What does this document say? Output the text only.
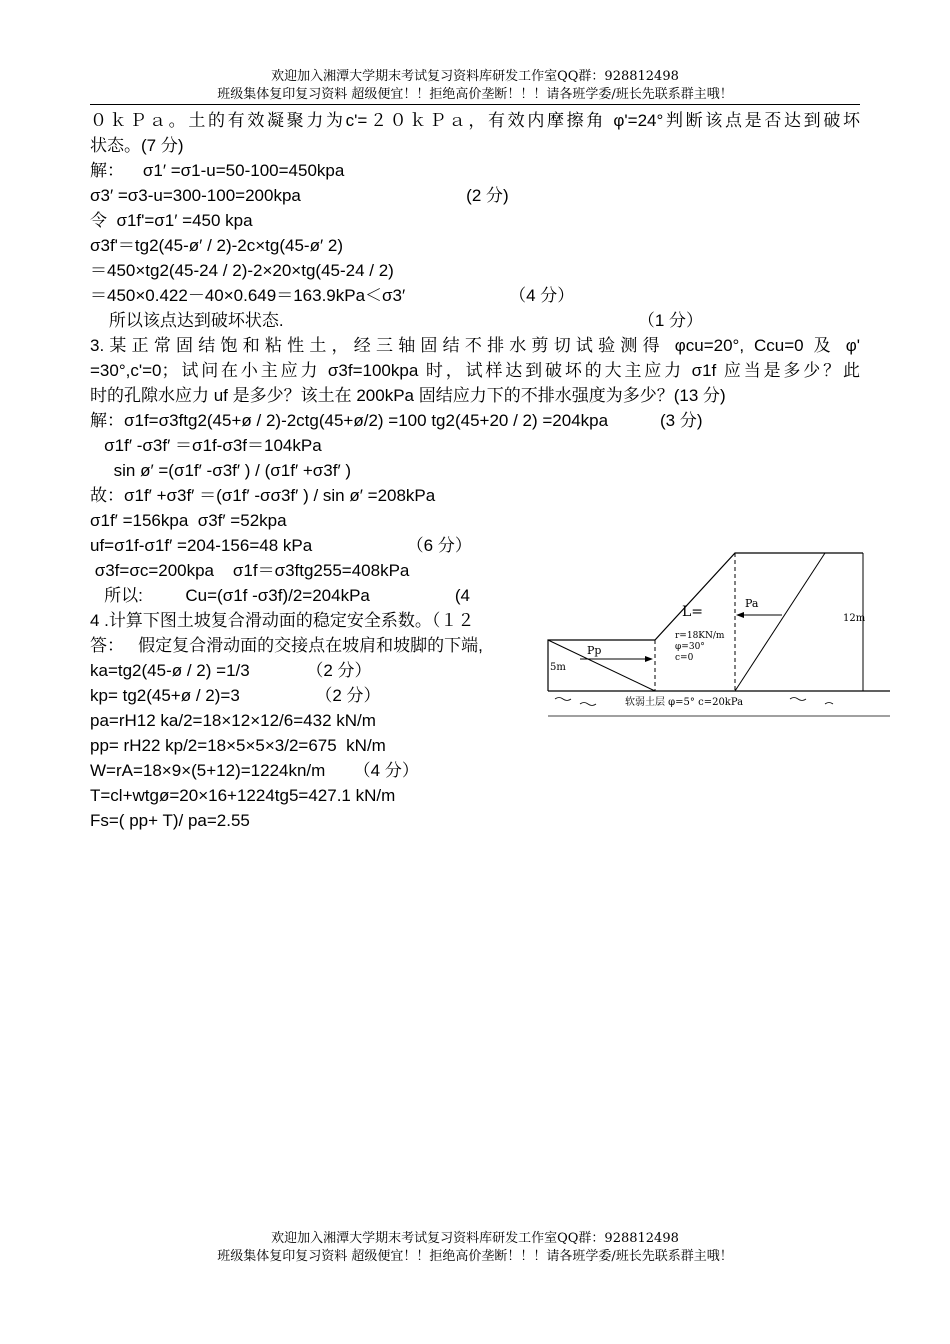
欢迎加入湘潭大学期末考试复习资料库研发工作室QQ群：928812498
班级集体复印复习资料 超级便宜！！拒绝高价垄断！！！请各班学委/班长先联系群主哦！
０ｋＰａ。土的有效凝聚力为c'=２０ｋＰａ，有效内摩擦角 φ'=24°判断该点是否达到破坏
状态。(7 分)
解：    σ1′ =σ1-u=50-100=450kpa
σ3′ =σ3-u=300-100=200kpa                                   (2 分)
令  σ1f'=σ1′ =450 kpa
σ3f'＝tg2(45-ø′ / 2)-2c×tg(45-ø′ 2)
＝450×tg2(45-24 / 2)-2×20×tg(45-24 / 2)
＝450×0.422－40×0.649＝163.9kPa＜σ3′                      （4 分）
所以该点达到破坏状态.                                                                           （1 分）
3.某正常固结饱和粘性土，经三轴固结不排水剪切试验测得 φcu=20°, Ccu=0 及 φ'
=30°,c'=0；试问在小主应力 σ3f=100kpa 时，试样达到破坏的大主应力 σ1f 应当是多少？此
时的孔隙水应力 uf 是多少？该土在 200kPa 固结应力下的不排水强度为多少？(13 分)
解：σ1f=σ3ftg2(45+ø / 2)-2ctg(45+ø/2) =100 tg2(45+20 / 2) =204kpa           (3 分)
σ1f′ -σ3f′ ＝σ1f-σ3f＝104kPa
sin ø′ =(σ1f′ -σ3f′ ) / (σ1f′ +σ3f′ )
故：σ1f′ +σ3f′ ＝(σ1f′ -σσ3f′ ) / sin ø′ =208kPa
σ1f′ =156kpa  σ3f′ =52kpa
uf=σ1f-σ1f′ =204-156=48 kPa                    （6 分）
σ3f=σc=200kpa    σ1f＝σ3ftg255=408kPa
所以:         Cu=(σ1f -σ3f)/2=204kPa                  (4
4 .计算下图土坡复合滑动面的稳定安全系数。（１２
答：   假定复合滑动面的交接点在坡肩和坡脚的下端,
ka=tg2(45-ø / 2) =1/3            （2 分）
kp= tg2(45+ø / 2)=3                （2 分）
pa=rH12 ka/2=18×12×12/6=432 kN/m
pp= rH22 kp/2=18×5×5×3/2=675  kN/m
W=rA=18×9×(5+12)=1224kn/m      （4 分）
T=cl+wtgø=20×16+1224tg5=427.1 kN/m
Fs=( pp+ T)/ pa=2.55
L=
Pa
12m
r=18KN/m
φ=30°
c=0
Pp
5m
软弱土层 φ=5° c=20kPa
欢迎加入湘潭大学期末考试复习资料库研发工作室QQ群：928812498
班级集体复印复习资料 超级便宜！！拒绝高价垄断！！！请各班学委/班长先联系群主哦！
